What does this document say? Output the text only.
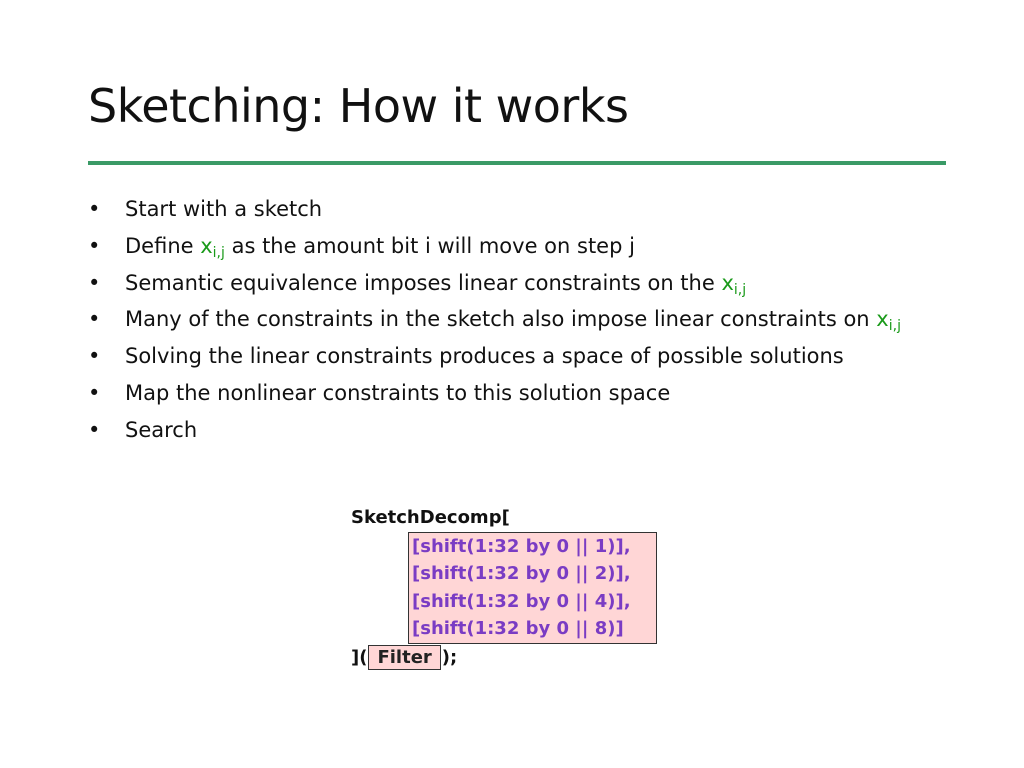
Sketching: How it works
•	Start with a sketch
•	Define $x_{i,j}$ as the amount bit i will move on step j
•	Semantic equivalence imposes linear constraints on the $x_{i,j}$
•	Many of the constraints in the sketch also impose linear constraints on $x_{i,j}$
•	Solving the linear constraints produces a space of possible solutions
•	Map the nonlinear constraints to this solution space
•	Search
SketchDecomp[
[shift(1:32 by 0 || 1)],
[shift(1:32 by 0 || 2)],
[shift(1:32 by 0 || 4)],
[shift(1:32 by 0 || 8)]
]( Filter );
